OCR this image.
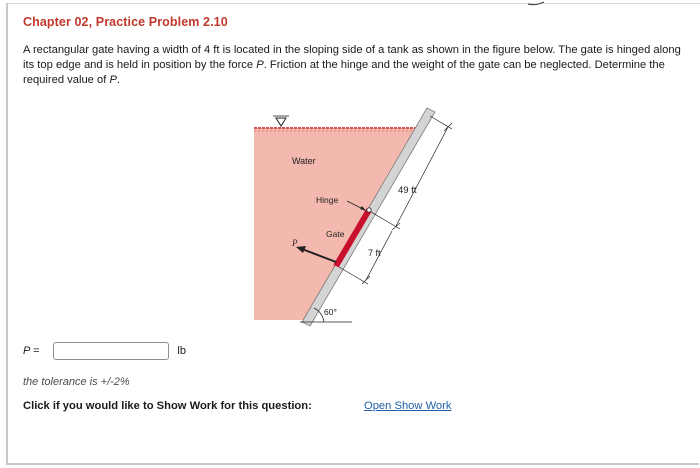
Chapter 02, Practice Problem 2.10
A rectangular gate having a width of 4 ft is located in the sloping side of a tank as shown in the figure below. The gate is hinged along its top edge and is held in position by the force P. Friction at the hinge and the weight of the gate can be neglected. Determine the required value of P.
Water
Hinge
Gate
P
49 ft
7 ft
60°
P =	lb
the tolerance is +/-2%
Click if you would like to Show Work for this question:	Open Show Work
